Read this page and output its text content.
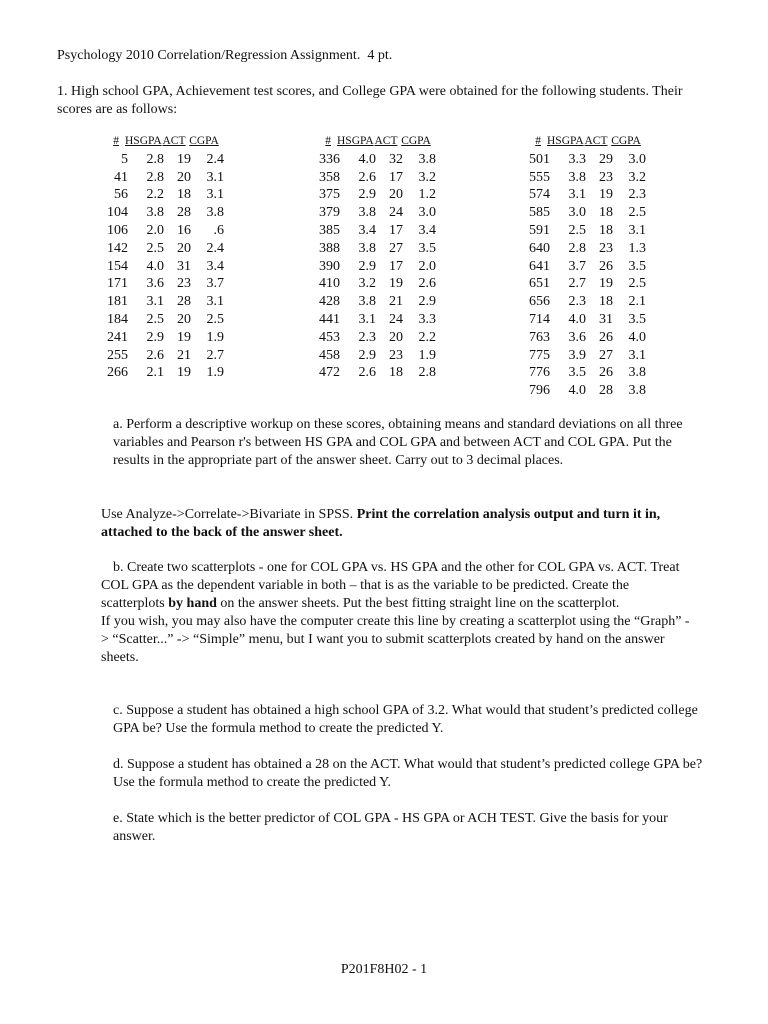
Psychology 2010 Correlation/Regression Assignment.  4 pt.
1. High school GPA, Achievement test scores, and College GPA were obtained for the following students. Their scores are as follows:
# HSGPA ACT CGPA
5	2.8 19	2.4
41	2.8 20	3.1
56	2.2 18	3.1
104	3.8 28	3.8
106	2.0 16	.6
142	2.5 20	2.4
154	4.0 31	3.4
171	3.6 23	3.7
181	3.1 28	3.1
184	2.5 20	2.5
241	2.9 19	1.9
255	2.6 21	2.7
266	2.1 19	1.9
# HSGPA ACT CGPA
336	4.0 32	3.8
358	2.6 17	3.2
375	2.9 20	1.2
379	3.8 24	3.0
385	3.4 17	3.4
388	3.8 27	3.5
390	2.9 17	2.0
410	3.2 19	2.6
428	3.8 21	2.9
441	3.1 24	3.3
453	2.3 20	2.2
458	2.9 23	1.9
472	2.6 18	2.8
# HSGPA ACT CGPA
501	3.3 29	3.0
555	3.8 23	3.2
574	3.1 19	2.3
585	3.0 18	2.5
591	2.5 18	3.1
640	2.8 23	1.3
641	3.7 26	3.5
651	2.7 19	2.5
656	2.3 18	2.1
714	4.0 31	3.5
763	3.6 26	4.0
775	3.9 27	3.1
776	3.5 26	3.8
796	4.0 28	3.8
a. Perform a descriptive workup on these scores, obtaining means and standard deviations on all three variables and Pearson r's between HS GPA and COL GPA and between ACT and COL GPA. Put the results in the appropriate part of the answer sheet. Carry out to 3 decimal places.
Use Analyze->Correlate->Bivariate in SPSS. Print the correlation analysis output and turn it in, attached to the back of the answer sheet.
b. Create two scatterplots - one for COL GPA vs. HS GPA and the other for COL GPA vs. ACT. Treat COL GPA as the dependent variable in both – that is as the variable to be predicted. Create the scatterplots by hand on the answer sheets. Put the best fitting straight line on the scatterplot.
If you wish, you may also have the computer create this line by creating a scatterplot using the “Graph” -> “Scatter...” -> “Simple” menu, but I want you to submit scatterplots created by hand on the answer sheets.
c. Suppose a student has obtained a high school GPA of 3.2. What would that student’s predicted college GPA be? Use the formula method to create the predicted Y.
d. Suppose a student has obtained a 28 on the ACT. What would that student’s predicted college GPA be? Use the formula method to create the predicted Y.
e. State which is the better predictor of COL GPA - HS GPA or ACH TEST. Give the basis for your answer.
P201F8H02 - 1
